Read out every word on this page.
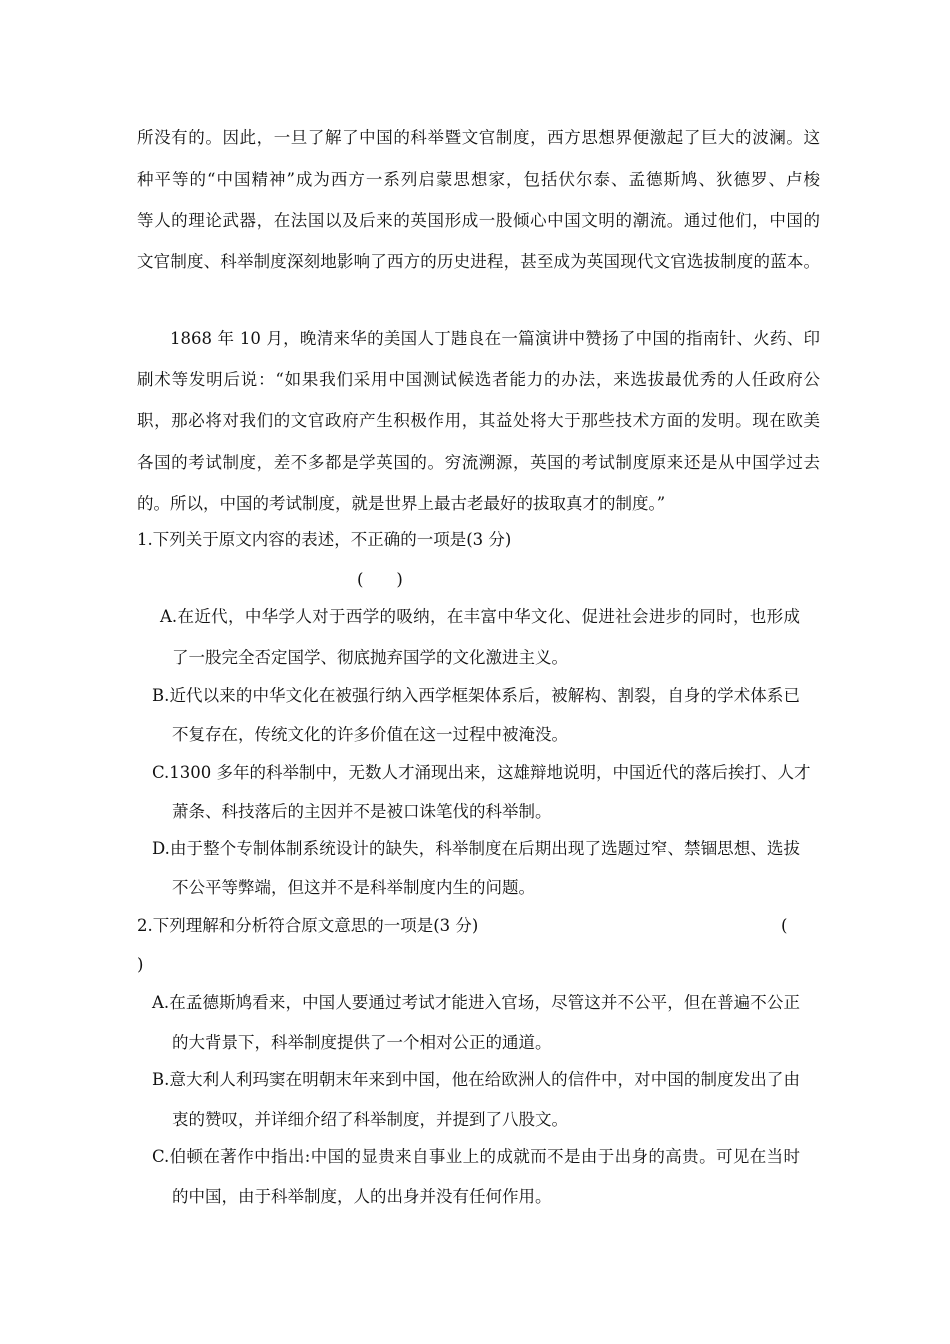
所没有的。因此，一旦了解了中国的科举暨文官制度，西方思想界便激起了巨大的波澜。这
种平等的“中国精神”成为西方一系列启蒙思想家，包括伏尔泰、孟德斯鸠、狄德罗、卢梭
等人的理论武器，在法国以及后来的英国形成一股倾心中国文明的潮流。通过他们，中国的
文官制度、科举制度深刻地影响了西方的历史进程，甚至成为英国现代文官选拔制度的蓝本。
1868 年 10 月，晚清来华的美国人丁韪良在一篇演讲中赞扬了中国的指南针、火药、印
刷术等发明后说：“如果我们采用中国测试候选者能力的办法，来选拔最优秀的人任政府公
职，那必将对我们的文官政府产生积极作用，其益处将大于那些技术方面的发明。现在欧美
各国的考试制度，差不多都是学英国的。穷流溯源，英国的考试制度原来还是从中国学过去
的。所以，中国的考试制度，就是世界上最古老最好的拔取真才的制度。”
1.下列关于原文内容的表述，不正确的一项是(3 分)
(　　)
A.在近代，中华学人对于西学的吸纳，在丰富中华文化、促进社会进步的同时，也形成
了一股完全否定国学、彻底抛弃国学的文化激进主义。
B.近代以来的中华文化在被强行纳入西学框架体系后，被解构、割裂，自身的学术体系已
不复存在，传统文化的许多价值在这一过程中被淹没。
C.1300 多年的科举制中，无数人才涌现出来，这雄辩地说明，中国近代的落后挨打、人才
萧条、科技落后的主因并不是被口诛笔伐的科举制。
D.由于整个专制体制系统设计的缺失，科举制度在后期出现了选题过窄、禁锢思想、选拔
不公平等弊端，但这并不是科举制度内生的问题。
2.下列理解和分析符合原文意思的一项是(3 分)	(
)
A.在孟德斯鸠看来，中国人要通过考试才能进入官场，尽管这并不公平，但在普遍不公正
的大背景下，科举制度提供了一个相对公正的通道。
B.意大利人利玛窦在明朝末年来到中国，他在给欧洲人的信件中，对中国的制度发出了由
衷的赞叹，并详细介绍了科举制度，并提到了八股文。
C.伯顿在著作中指出:中国的显贵来自事业上的成就而不是由于出身的高贵。可见在当时
的中国，由于科举制度，人的出身并没有任何作用。
